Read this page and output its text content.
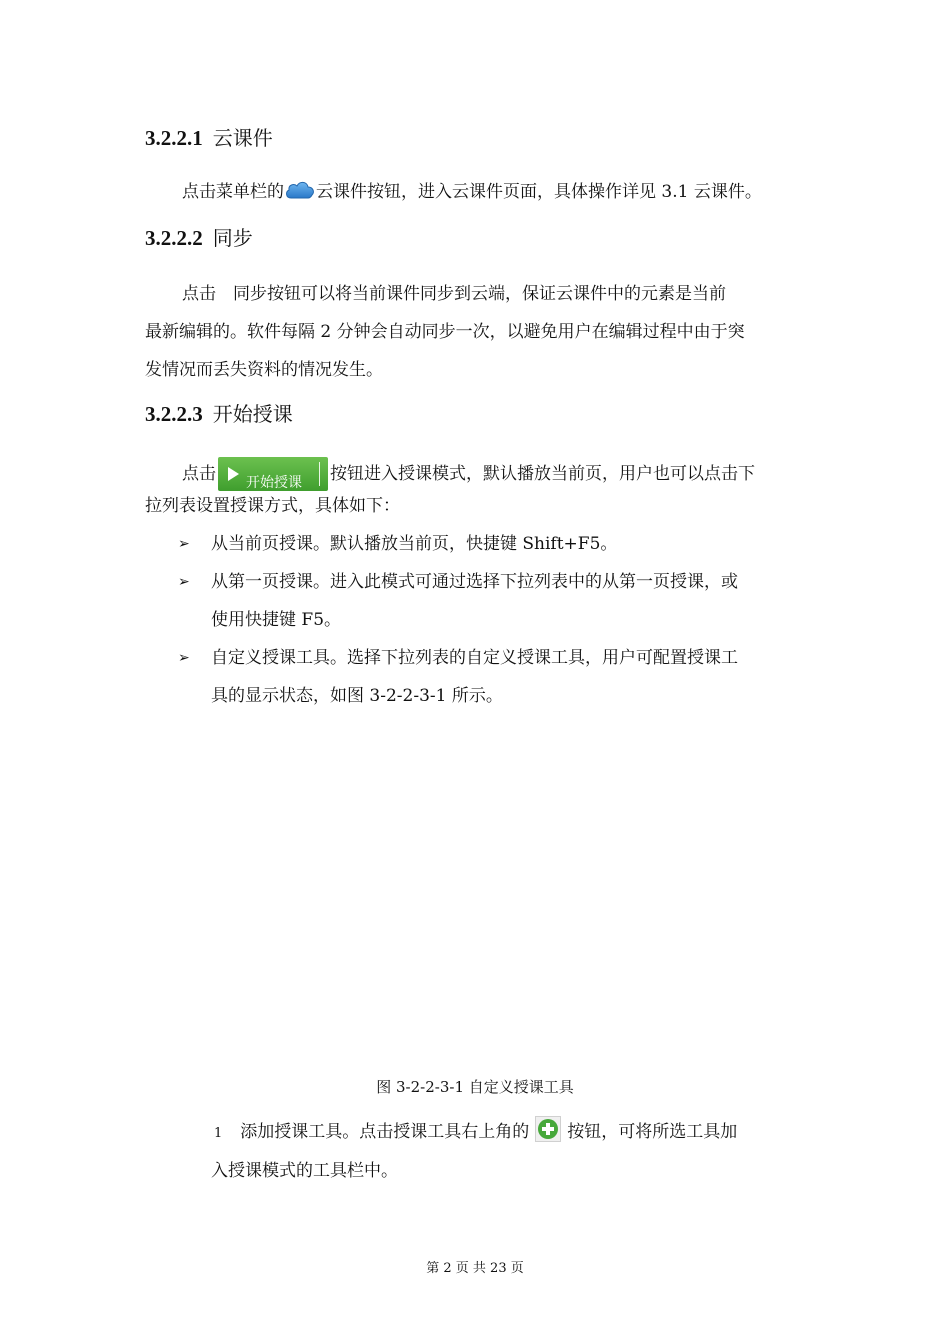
3.2.2.1 云课件
点击菜单栏的 云课件按钮，进入云课件页面，具体操作详见 3.1 云课件。
3.2.2.2 同步
点击　同步按钮可以将当前课件同步到云端，保证云课件中的元素是当前
最新编辑的。软件每隔 2 分钟会自动同步一次，以避免用户在编辑过程中由于突
发情况而丢失资料的情况发生。
3.2.2.3 开始授课
点击 开始授课 按钮进入授课模式，默认播放当前页，用户也可以点击下
拉列表设置授课方式，具体如下：
➢ 从当前页授课。默认播放当前页，快捷键 Shift+F5。
➢ 从第一页授课。进入此模式可通过选择下拉列表中的从第一页授课，或
使用快捷键 F5。
➢ 自定义授课工具。选择下拉列表的自定义授课工具，用户可配置授课工
具的显示状态，如图 3-2-2-3-1 所示。
图 3-2-2-3-1 自定义授课工具
1 添加授课工具。点击授课工具右上角的 按钮，可将所选工具加
入授课模式的工具栏中。
第 2 页 共 23 页
